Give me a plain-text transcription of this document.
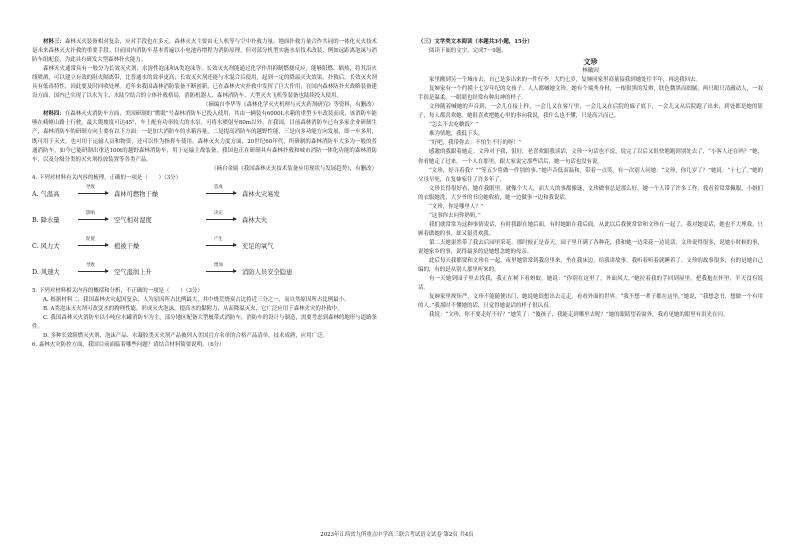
材料三：森林灭火装备相对复杂，应对手段也在多元。森林灭火主要由无人机等与空中扑救力量、地面扑救力量合作共同的一体化灭火技术是未来森林灭火扑救的重要手段。目前国内消防车基本普遍以小电池容增程为消防原理，但对部分机型实施水泵技术改装，例如远距离泡沫与消防车组配套，为此具有研发大型森林扑火能力。

森林灭火通常具有一般分为长效灭火剂、水溶性泡沫和A类泡沫等。长效灭火剂能通过化学作用抑制燃烧反应，能够阻燃、隔热，将其沿火线喷洒，可以建立有效的阻火隔离带，比普通水的效率更高；长效灭火剂还能与水混合后使用，起到一定的降温灭火效果。扑救后，长效灭火剂具有低毒特性，因此要及时回收处理。近年来我国森林消防装备不断创新，已在森林火灾扑救中发挥了巨大作用，在国内森林防扑火战略装备建设方面，国内已实现了以水为主、水陆空结合的立体扑救格局，消防机器人、森林消防车、大型灭火飞机等装备也陆续投入使用。

（摘编自李华等《森林化学灭火机理与灭火药剂研究》等资料，有删改）

材料四：在森林灭火消防车方面，美国研制的“鹰眼”号森林消防车已投入使用，其由一辆装有6000L水箱的重型卡车改装而成，该消防车能够在崎岖山路上行驶，最大爬坡度可达45°，车上配有功率较大的水泵，可将水喷射至80m以外。在我国，目前森林消防车已有多家企业研制生产，森林消防车的研制方向主要有以下方面：一是加大消防车的水箱容量，二是提高消防车的越野性能，三是向多功能方向发展，即一车多用，既可用于灭火，也可用于运输人员和物资，还可以作为指挥车使用。森林灭火力度方面，20世纪60年代，所研制的森林消防车大多为一般的普通消防车，如今已能研制出重达100t的越野森林消防车，用于运输主战装备，我国也正在研制具有森林扑救和城市消防一体化功能的森林消防车，以及分级分类的灭火剂投放装置等各类产品。

（摘自金属《我国森林灭火技术装备应用现状与发展趋势》，有删改）

4. 下列对材料有关内容的梳理，正确的一项是（　　）（3分）

A. 气温高
导致
森林可燃物干燥
造成
森林火灾易发
B. 降水量
影响
空气相对湿度
决定
森林大火
C. 风力大
促使
植被干燥
产生
充足的氧气
D. 风速大
导致
空气湿润上升
增加
消防人员安全隐患

5. 下列对材料相关内容的概括和分析，不正确的一项是（　　）（3分）

A. 根据材料二，我国森林火灾起因复杂，人为原因所占比例最大，其中烧荒烧炭占比将近三分之一，而自然原因所占比例最小。

B. A类泡沫灭火剂可改变水的物理性能，形成灭火泡沫，提高水的黏附力，从而降温灭火，它广泛应用于森林火灾的扑救中。

C. 我国森林灭火消防车以小吨位水罐消防车为主，部分地区配备大型履带式消防车，消防车的设计与制造，需要考虑到森林的地形与道路条件。

D. 多种长效阻燃灭火剂、泡沫产品、水凝胶类灭火剂产品被列入美国官方名单的合格产品清单，技术成熟，应用广泛。

6. 森林火灾防控方面，我国目前面临着哪些问题？请结合材料简要说明。（6分）

（三）文学类文本阅读（本题共3小题，15分）

阅读下面的文字，完成7～9题。

文珍

林徽因

家里搬到另一个城市去，自己是多出来的一件行李。大约七岁，复婶同家里商量接我到她处往半年，再送我回去。

复婶家有一个约摸十七岁年纪的女孩子，人人都喊她文珍。她有个端秀身材，一根很黑的发辫，肤色微黑而细腻，两只眼只清澈动人，一双手很是温柔，一眼睛也经常有种出神的样子。

文珍随着喊她的声音到，一会儿在接上样，一会儿又在客厅里，一会儿又在后院的廊子底下，一会儿又从后院跑了出来，到处都是她的影子，每人都喜欢她。她很喜欢把她心里的事向我说，我什么也不懂，只是高兴而已。

“怎么不去吃糖饭？”

难为情地，我低下头。

“好吧，我带你去：不怕生不行的呀！”

感激的我跟着她走。文珍对于我，很好，老喜欢跟我谈话，文珍一句话也不说，说完了以后又很快地跑到别处去了，“小客人还在吗？”她，你看她走了过来，一个人在那里，跟大家说完那些话后，她一句话也没有说。

“文珍，好寻着我？”“等五少将做一件别的事。”她声音低而温和，带着一点笑。有一次别人问她：“文珍，你几岁了？”她说：“十七了。”她的父母早死，在复婶家住了许多年了。

文珍长得很好看，她在我眼里，就像个大人，而大人的事都像谜，文珍做事总是那么好，她一个人带了许多工作，我看着常常佩服，小姐们的衣服她洗，大少爷的书房她收拾，她一边做事一边和我说话。

“文珍，你是哪里人？”

“这事你去问你奶奶。”

我们就常常为这种事情说话，有时我跟在她后面，有时她跟在我后面。从此以后我便常常和文珍在一起了，我对她说话，她也不大理我，只顾着做她的事，却又很喜欢我。

第二天她果然带了我去后园里采花。那时候正是春天，园子里开满了各种花，我和她一边采花一边说话，文珍说得很多，说她小时候的事，说她家乡的事，说得最多的是她想念她的母亲。

此后每天我都要和文珍在一起，夜里她常常到我房里来，坐在我床边，给我讲故事，我听着听着就睡着了。文珍的故事很多，有的是她自己编的，有的是从别人那里听来的。

有一天她到园子里去找我，我正在树下看蚂蚁，她说：“你别在这里了，外面风大。”她拉着我的手回到屋里，把我抱在怀里，半天没有说话。

复婶家里规矩严，文珍不能随便出门，她说她很想出去走走，看看外面的世界。“我不想一辈子都在这里，”她说，“我想念书，想做一个有用的人。”我那时不懂她的话，只觉得她说话的样子很认真。

我说：“文珍，你不要走好不好？”她笑了：“傻孩子，我能走到哪里去呢？”她的眼睛望着窗外，我看见她的眼里有泪光在闪。

2023年江西省九所重点中学高三联合考试语文试卷 第2页 共4页
